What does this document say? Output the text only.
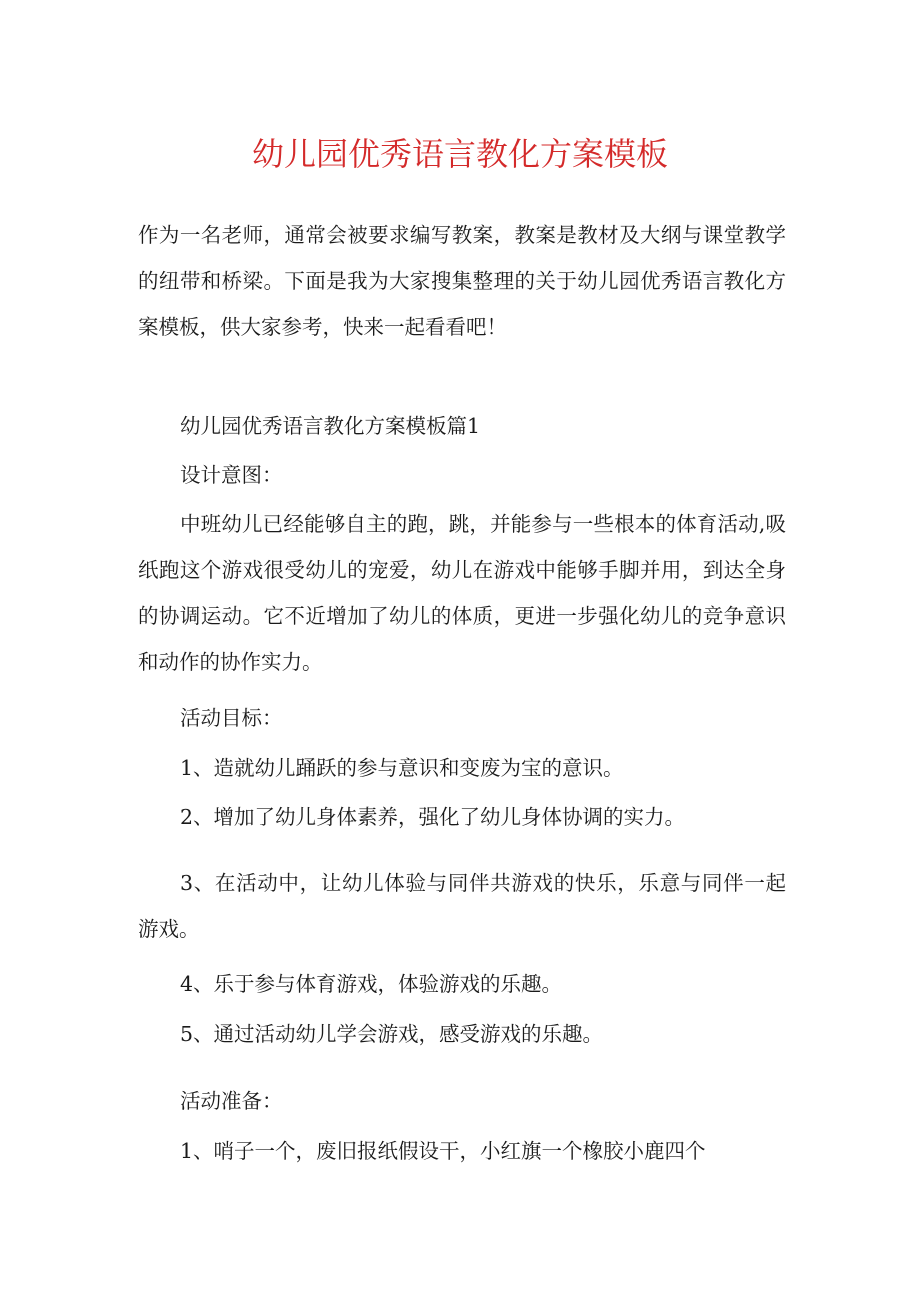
幼儿园优秀语言教化方案模板
作为一名老师，通常会被要求编写教案，教案是教材及大纲与课堂教学的纽带和桥梁。下面是我为大家搜集整理的关于幼儿园优秀语言教化方案模板，供大家参考，快来一起看看吧！
幼儿园优秀语言教化方案模板篇1
设计意图：
中班幼儿已经能够自主的跑，跳，并能参与一些根本的体育活动,吸纸跑这个游戏很受幼儿的宠爱，幼儿在游戏中能够手脚并用，到达全身的协调运动。它不近增加了幼儿的体质，更进一步强化幼儿的竞争意识和动作的协作实力。
活动目标：
1、造就幼儿踊跃的参与意识和变废为宝的意识。
2、增加了幼儿身体素养，强化了幼儿身体协调的实力。
3、在活动中，让幼儿体验与同伴共游戏的快乐，乐意与同伴一起游戏。
4、乐于参与体育游戏，体验游戏的乐趣。
5、通过活动幼儿学会游戏，感受游戏的乐趣。
活动准备：
1、哨子一个，废旧报纸假设干，小红旗一个橡胶小鹿四个
